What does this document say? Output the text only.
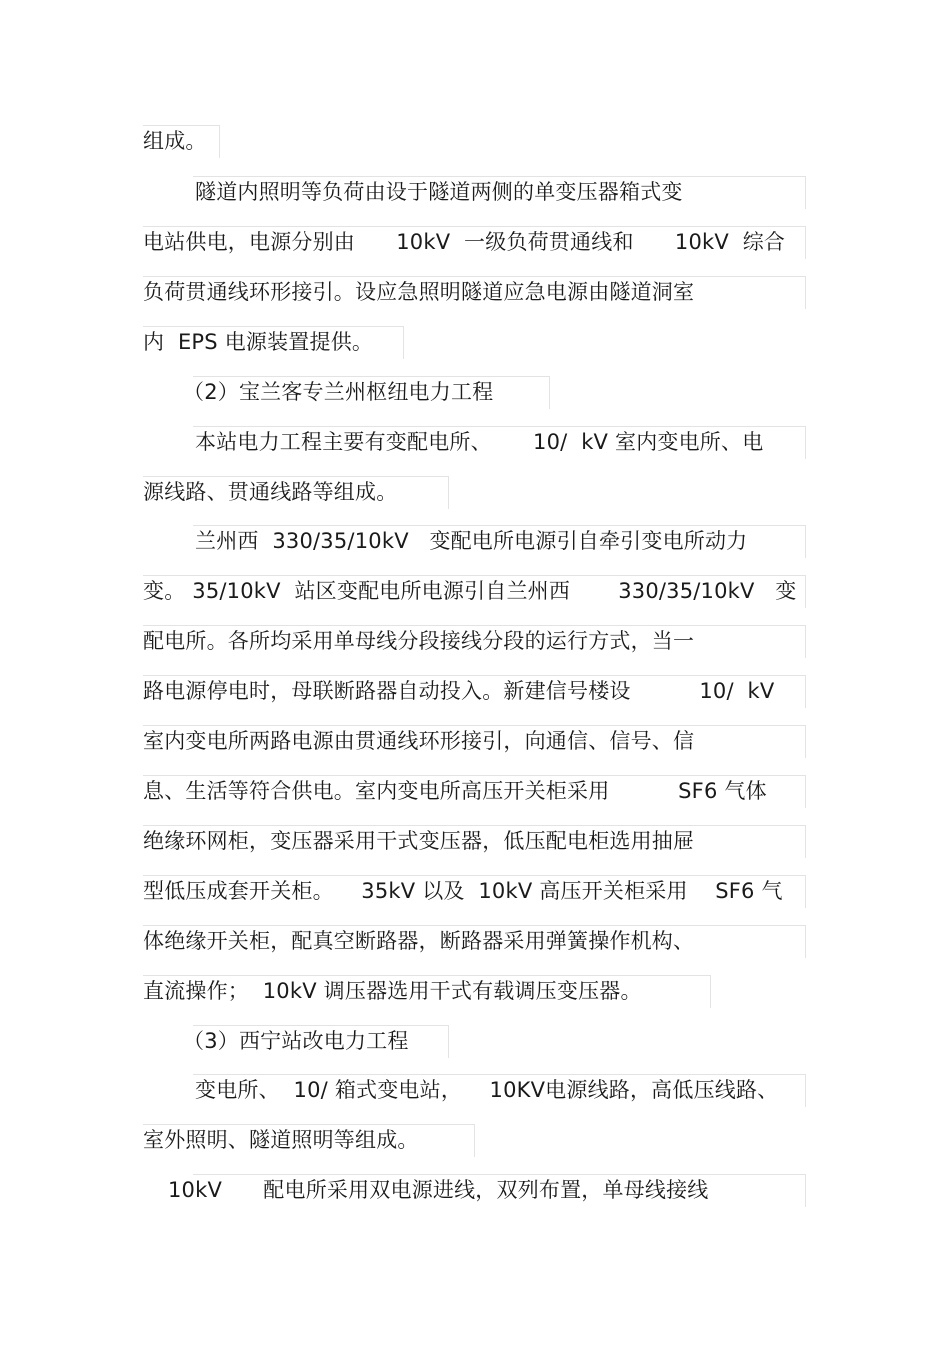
组成。
隧道内照明等负荷由设于隧道两侧的单变压器箱式变
电站供电，电源分别由      10kV  一级负荷贯通线和      10kV  综合
负荷贯通线环形接引。设应急照明隧道应急电源由隧道洞室
内  EPS 电源装置提供。
（2）宝兰客专兰州枢纽电力工程
本站电力工程主要有变配电所、      10/  kV 室内变电所、电
源线路、贯通线路等组成。
兰州西  330/35/10kV   变配电所电源引自牵引变电所动力
变。 35/10kV  站区变配电所电源引自兰州西       330/35/10kV   变
配电所。各所均采用单母线分段接线分段的运行方式，当一
路电源停电时，母联断路器自动投入。新建信号楼设          10/  kV
室内变电所两路电源由贯通线环形接引，向通信、信号、信
息、生活等符合供电。室内变电所高压开关柜采用          SF6 气体
绝缘环网柜，变压器采用干式变压器，低压配电柜选用抽屉
型低压成套开关柜。    35kV 以及  10kV 高压开关柜采用    SF6 气
体绝缘开关柜，配真空断路器，断路器采用弹簧操作机构、
直流操作；  10kV 调压器选用干式有载调压变压器。
（3）西宁站改电力工程
变电所、  10/ 箱式变电站，    10KV电源线路，高低压线路、
室外照明、隧道照明等组成。
10kV      配电所采用双电源进线，双列布置，单母线接线
